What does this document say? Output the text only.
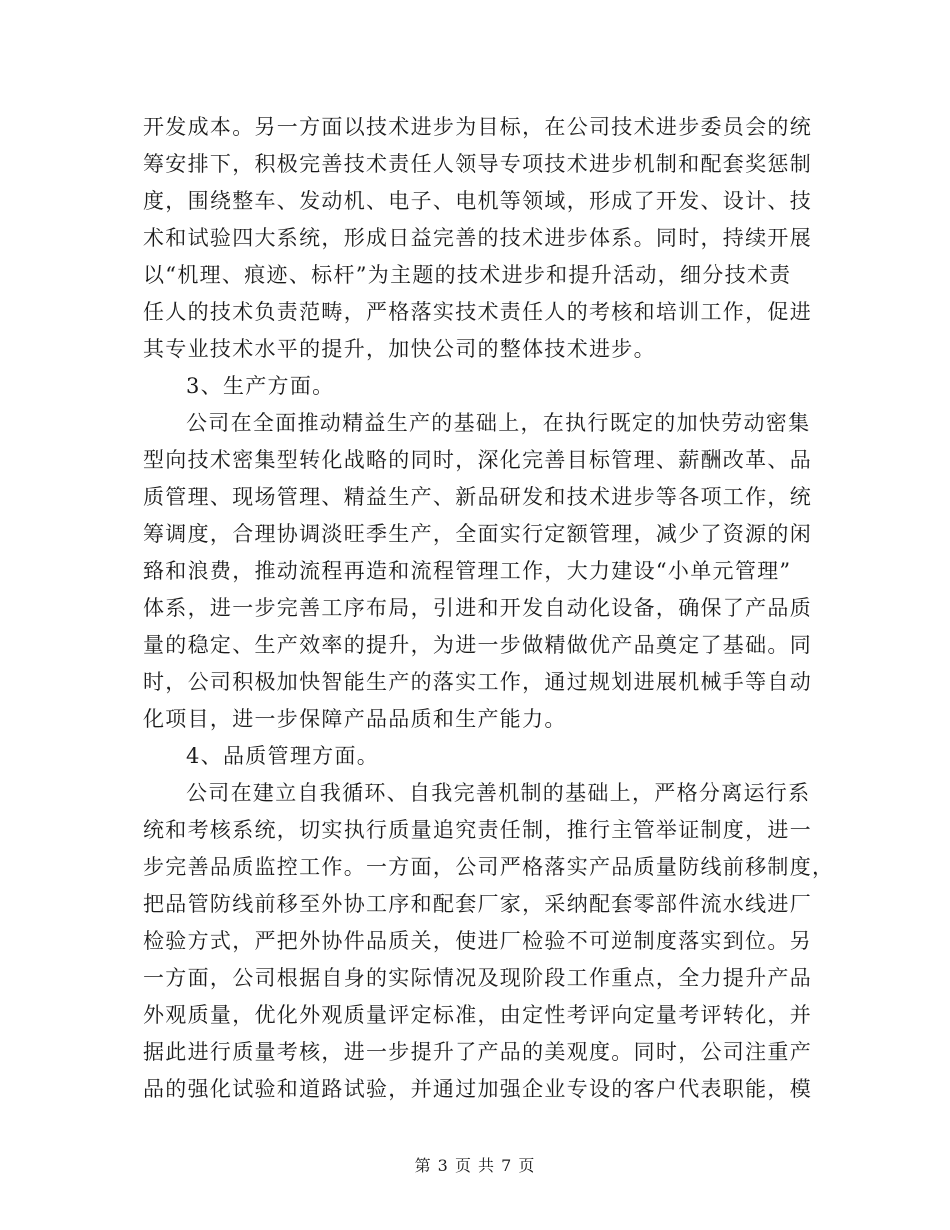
开发成本。另一方面以技术进步为目标，在公司技术进步委员会的统
筹安排下，积极完善技术责任人领导专项技术进步机制和配套奖惩制
度，围绕整车、发动机、电子、电机等领域，形成了开发、设计、技
术和试验四大系统，形成日益完善的技术进步体系。同时，持续开展
以“机理、痕迹、标杆”为主题的技术进步和提升活动，细分技术责
任人的技术负责范畴，严格落实技术责任人的考核和培训工作，促进
其专业技术水平的提升，加快公司的整体技术进步。
3、生产方面。
公司在全面推动精益生产的基础上，在执行既定的加快劳动密集
型向技术密集型转化战略的同时，深化完善目标管理、薪酬改革、品
质管理、现场管理、精益生产、新品研发和技术进步等各项工作，统
筹调度，合理协调淡旺季生产，全面实行定额管理，减少了资源的闲
臵和浪费，推动流程再造和流程管理工作，大力建设“小单元管理”
体系，进一步完善工序布局，引进和开发自动化设备，确保了产品质
量的稳定、生产效率的提升，为进一步做精做优产品奠定了基础。同
时，公司积极加快智能生产的落实工作，通过规划进展机械手等自动
化项目，进一步保障产品品质和生产能力。
4、品质管理方面。
公司在建立自我循环、自我完善机制的基础上，严格分离运行系
统和考核系统，切实执行质量追究责任制，推行主管举证制度，进一
步完善品质监控工作。一方面，公司严格落实产品质量防线前移制度，
把品管防线前移至外协工序和配套厂家，采纳配套零部件流水线进厂
检验方式，严把外协件品质关，使进厂检验不可逆制度落实到位。另
一方面，公司根据自身的实际情况及现阶段工作重点，全力提升产品
外观质量，优化外观质量评定标准，由定性考评向定量考评转化，并
据此进行质量考核，进一步提升了产品的美观度。同时，公司注重产
品的强化试验和道路试验，并通过加强企业专设的客户代表职能，模
第 3 页 共 7 页
